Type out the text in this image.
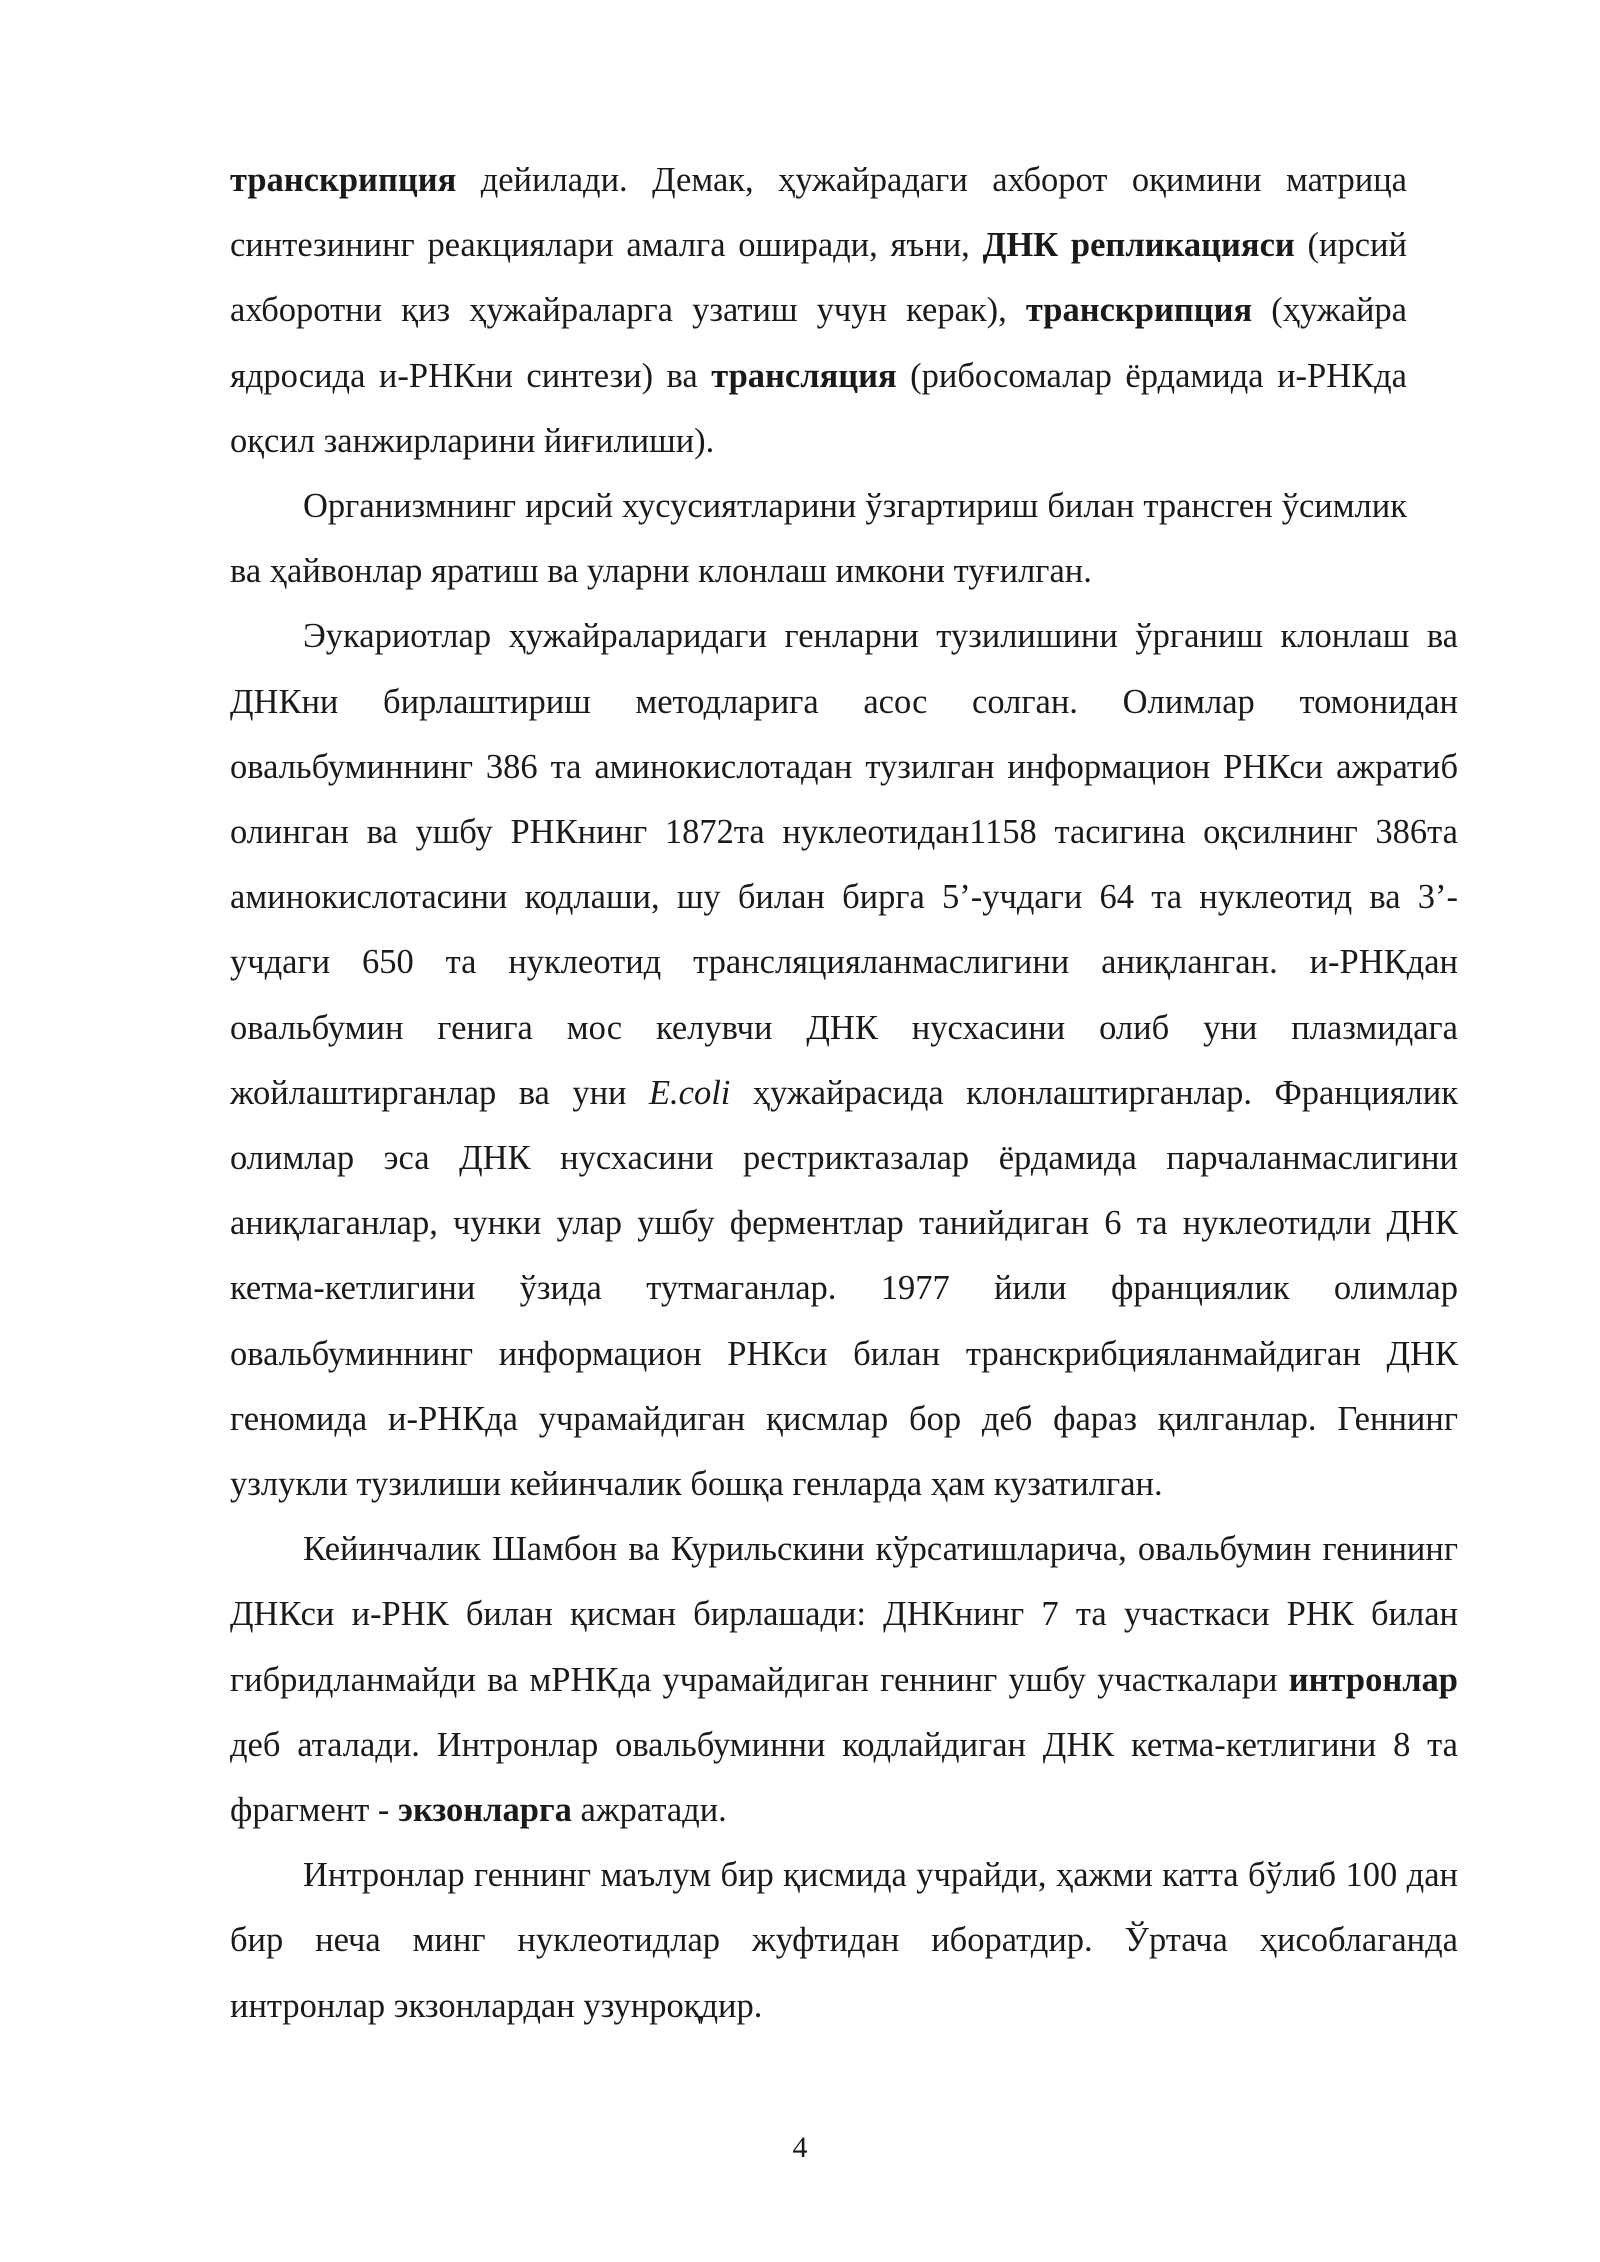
транскрипция дейилади. Демак, ҳужайрадаги ахборот оқимини матрица синтезининг реакциялари амалга оширади, яъни, ДНК репликацияси (ирсий ахборотни қиз ҳужайраларга узатиш учун керак), транскрипция (ҳужайра ядросида и-РНКни синтези) ва трансляция (рибосомалар ёрдамида и-РНКда оқсил занжирларини йиғилиши).

Организмнинг ирсий хусусиятларини ўзгартириш билан трансген ўсимлик ва ҳайвонлар яратиш ва уларни клонлаш имкони туғилган.

Эукариотлар ҳужайраларидаги генларни тузилишини ўрганиш клонлаш ва ДНКни бирлаштириш методларига асос солган. Олимлар томонидан овальбуминнинг 386 та аминокислотадан тузилган информацион РНКси ажратиб олинган ва ушбу РНКнинг 1872та нуклеотидан1158 тасигина оқсилнинг 386та аминокислотасини кодлаши, шу билан бирга 5’-учдаги 64 та нуклеотид ва 3’-учдаги 650 та нуклеотид трансляцияланмаслигини аниқланган. и-РНКдан овальбумин генига мос келувчи ДНК нусхасини олиб уни плазмидага жойлаштирганлар ва уни E.coli ҳужайрасида клонлаштирганлар. Франциялик олимлар эса ДНК нусхасини рестриктазалар ёрдамида парчаланмаслигини аниқлаганлар, чунки улар ушбу ферментлар танийдиган 6 та нуклеотидли ДНК кетма-кетлигини ўзида тутмаганлар. 1977 йили франциялик олимлар овальбуминнинг информацион РНКси билан транскрибцияланмайдиган ДНК геномида и-РНКда учрамайдиган қисмлар бор деб фараз қилганлар. Геннинг узлукли тузилиши кейинчалик бошқа генларда ҳам кузатилган.

Кейинчалик Шамбон ва Курильскини кўрсатишларича, овальбумин генининг ДНКси и-РНК билан қисман бирлашади: ДНКнинг 7 та участкаси РНК билан гибридланмайди ва мРНКда учрамайдиган геннинг ушбу участкалари интронлар деб аталади. Интронлар овальбуминни кодлайдиган ДНК кетма-кетлигини 8 та фрагмент - экзонларга ажратади.

Интронлар геннинг маълум бир қисмида учрайди, ҳажми катта бўлиб 100 дан бир неча минг нуклеотидлар жуфтидан иборатдир. Ўртача ҳисоблаганда интронлар экзонлардан узунроқдир.

4
